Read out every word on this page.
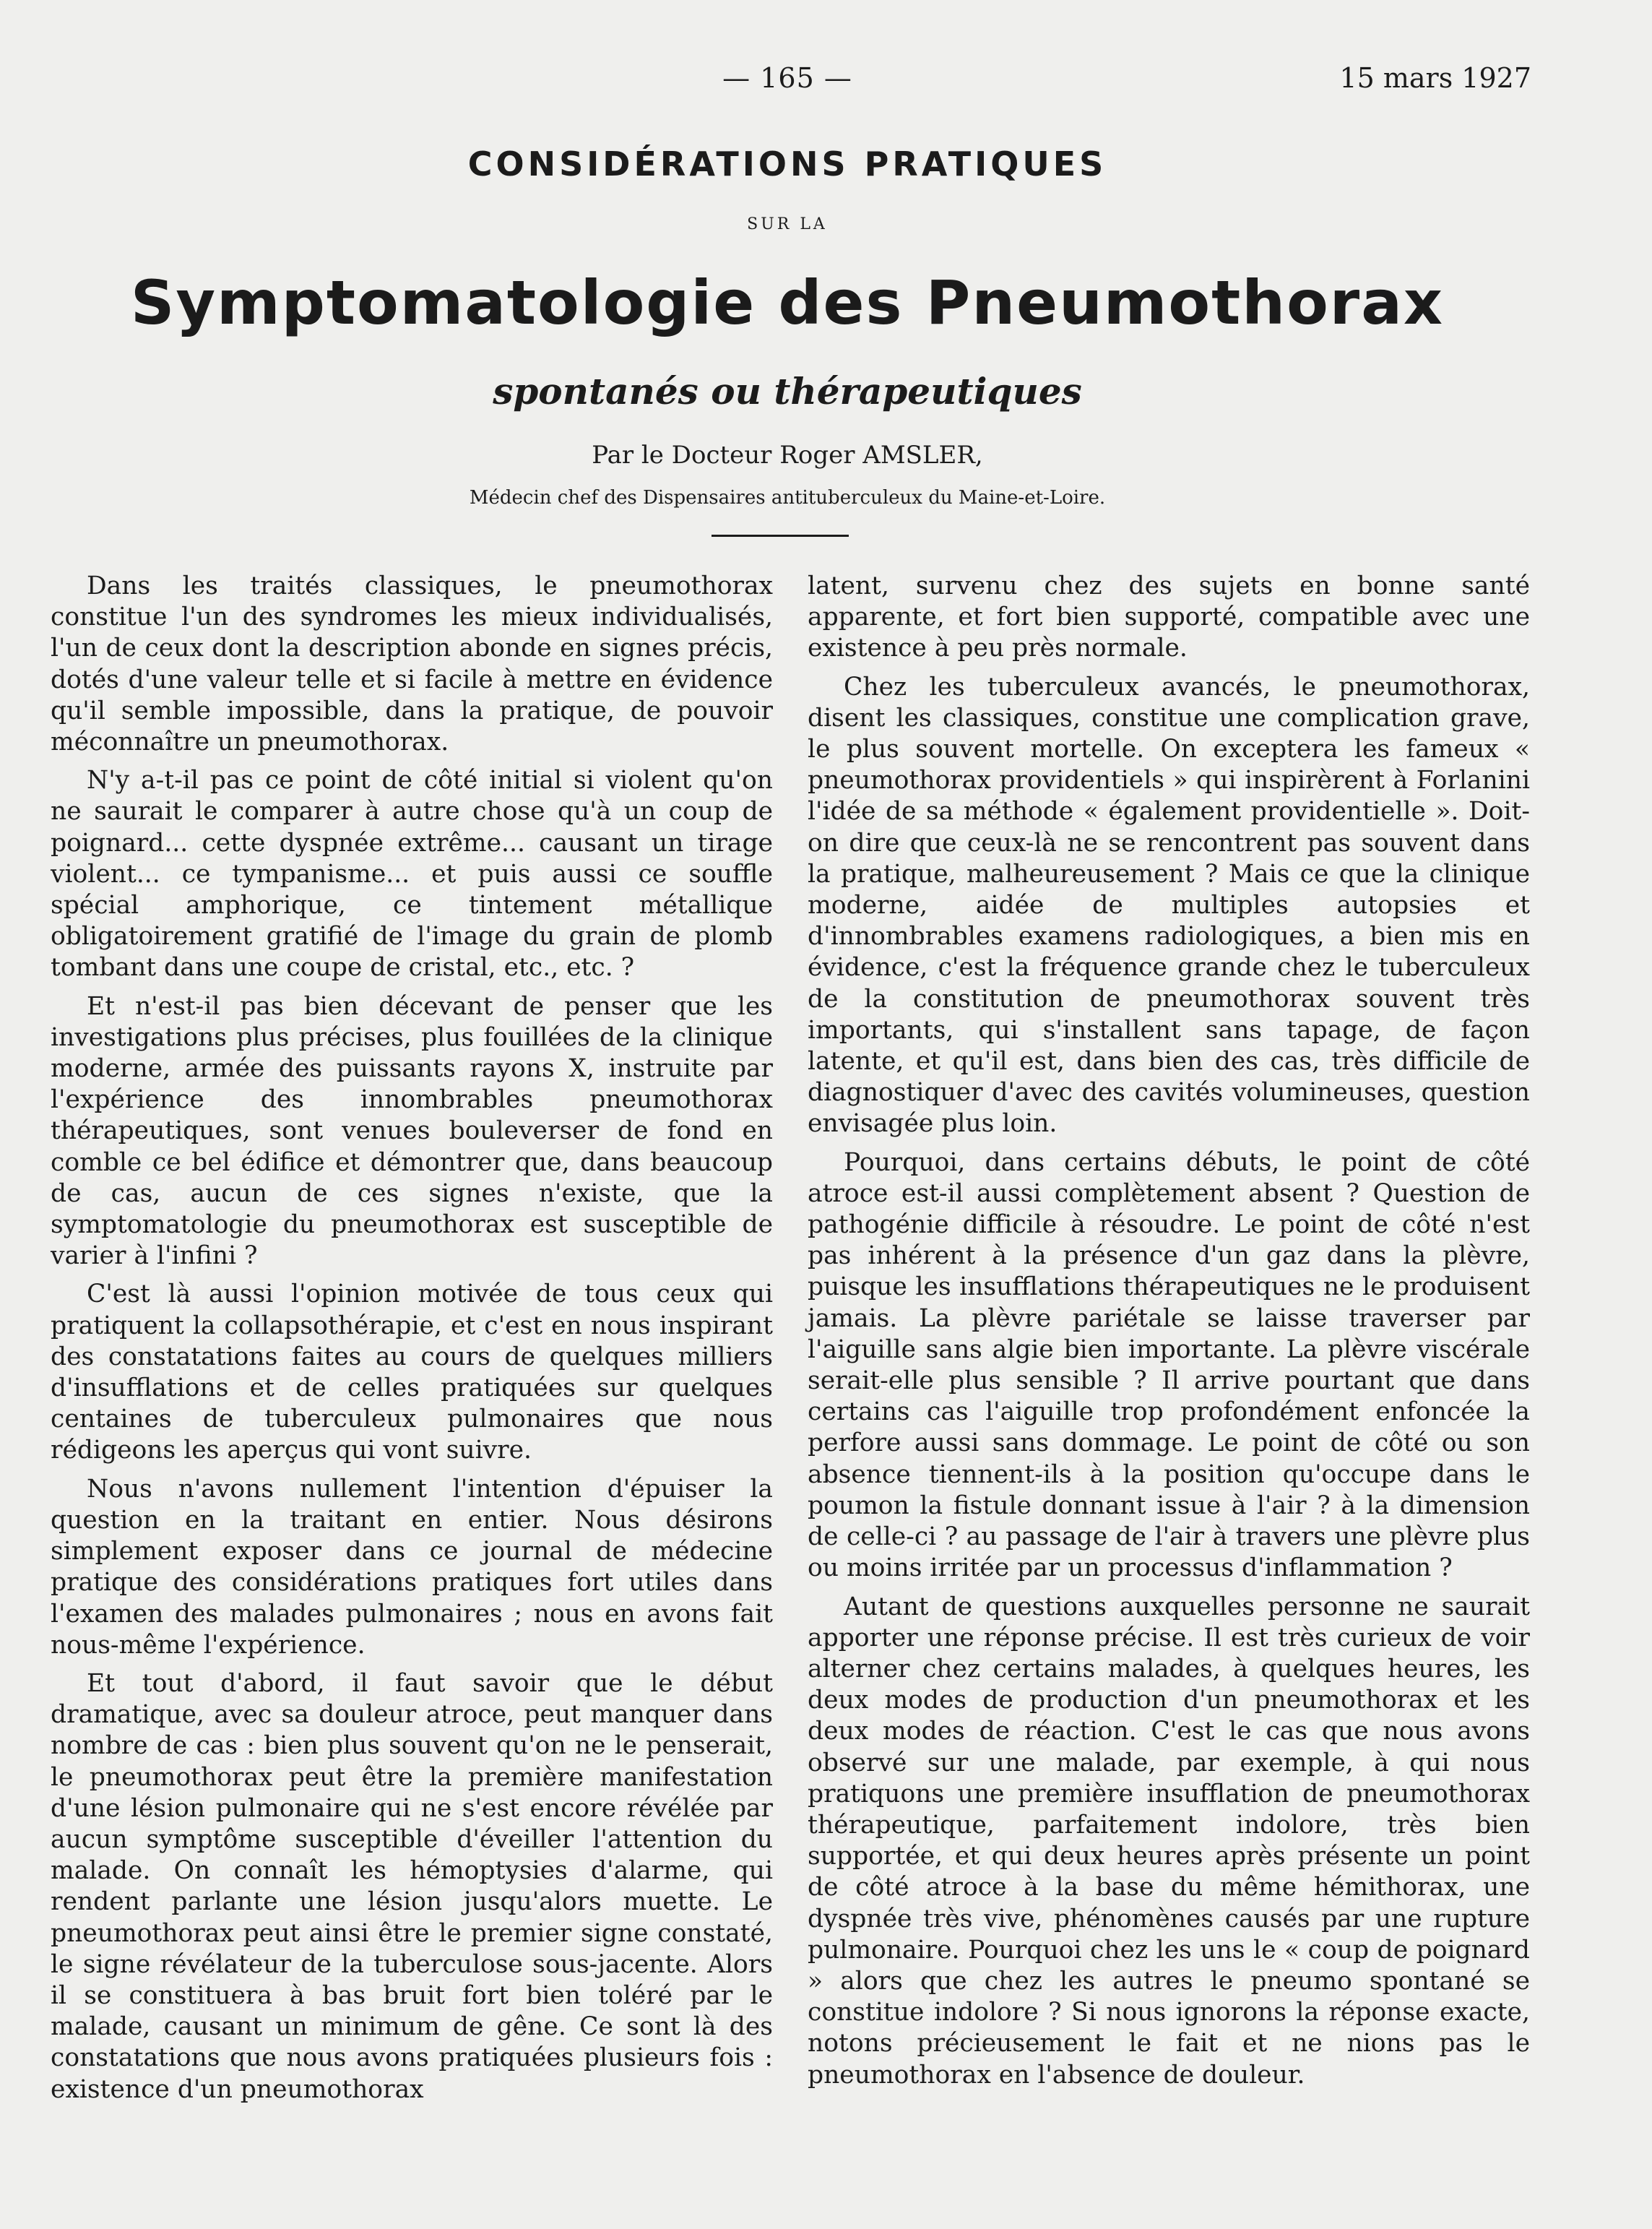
— 165 —	15 mars 1927
CONSIDÉRATIONS PRATIQUES
SUR LA
Symptomatologie des Pneumothorax
spontanés ou thérapeutiques
Par le Docteur Roger AMSLER,
Médecin chef des Dispensaires antituberculeux du Maine-et-Loire.

Dans les traités classiques, le pneumothorax constitue l'un des syndromes les mieux individualisés, l'un de ceux dont la description abonde en signes précis, dotés d'une valeur telle et si facile à mettre en évidence qu'il semble impossible, dans la pratique, de pouvoir méconnaître un pneumothorax.

N'y a-t-il pas ce point de côté initial si violent qu'on ne saurait le comparer à autre chose qu'à un coup de poignard... cette dyspnée extrême... causant un tirage violent... ce tympanisme... et puis aussi ce souffle spécial amphorique, ce tintement métallique obligatoirement gratifié de l'image du grain de plomb tombant dans une coupe de cristal, etc., etc. ?

Et n'est-il pas bien décevant de penser que les investigations plus précises, plus fouillées de la clinique moderne, armée des puissants rayons X, instruite par l'expérience des innombrables pneumothorax thérapeutiques, sont venues bouleverser de fond en comble ce bel édifice et démontrer que, dans beaucoup de cas, aucun de ces signes n'existe, que la symptomatologie du pneumothorax est susceptible de varier à l'infini ?

C'est là aussi l'opinion motivée de tous ceux qui pratiquent la collapsothérapie, et c'est en nous inspirant des constatations faites au cours de quelques milliers d'insufflations et de celles pratiquées sur quelques centaines de tuberculeux pulmonaires que nous rédigeons les aperçus qui vont suivre.

Nous n'avons nullement l'intention d'épuiser la question en la traitant en entier. Nous désirons simplement exposer dans ce journal de médecine pratique des considérations pratiques fort utiles dans l'examen des malades pulmonaires ; nous en avons fait nous-même l'expérience.

Et tout d'abord, il faut savoir que le début dramatique, avec sa douleur atroce, peut manquer dans nombre de cas : bien plus souvent qu'on ne le penserait, le pneumothorax peut être la première manifestation d'une lésion pulmonaire qui ne s'est encore révélée par aucun symptôme susceptible d'éveiller l'attention du malade. On connaît les hémoptysies d'alarme, qui rendent parlante une lésion jusqu'alors muette. Le pneumothorax peut ainsi être le premier signe constaté, le signe révélateur de la tuberculose sous-jacente. Alors il se constituera à bas bruit fort bien toléré par le malade, causant un minimum de gêne. Ce sont là des constatations que nous avons pratiquées plusieurs fois : existence d'un pneumothorax

latent, survenu chez des sujets en bonne santé apparente, et fort bien supporté, compatible avec une existence à peu près normale.

Chez les tuberculeux avancés, le pneumothorax, disent les classiques, constitue une complication grave, le plus souvent mortelle. On exceptera les fameux « pneumothorax providentiels » qui inspirèrent à Forlanini l'idée de sa méthode « également providentielle ». Doit-on dire que ceux-là ne se rencontrent pas souvent dans la pratique, malheureusement ? Mais ce que la clinique moderne, aidée de multiples autopsies et d'innombrables examens radiologiques, a bien mis en évidence, c'est la fréquence grande chez le tuberculeux de la constitution de pneumothorax souvent très importants, qui s'installent sans tapage, de façon latente, et qu'il est, dans bien des cas, très difficile de diagnostiquer d'avec des cavités volumineuses, question envisagée plus loin.

Pourquoi, dans certains débuts, le point de côté atroce est-il aussi complètement absent ? Question de pathogénie difficile à résoudre. Le point de côté n'est pas inhérent à la présence d'un gaz dans la plèvre, puisque les insufflations thérapeutiques ne le produisent jamais. La plèvre pariétale se laisse traverser par l'aiguille sans algie bien importante. La plèvre viscérale serait-elle plus sensible ? Il arrive pourtant que dans certains cas l'aiguille trop profondément enfoncée la perfore aussi sans dommage. Le point de côté ou son absence tiennent-ils à la position qu'occupe dans le poumon la fistule donnant issue à l'air ? à la dimension de celle-ci ? au passage de l'air à travers une plèvre plus ou moins irritée par un processus d'inflammation ?

Autant de questions auxquelles personne ne saurait apporter une réponse précise. Il est très curieux de voir alterner chez certains malades, à quelques heures, les deux modes de production d'un pneumothorax et les deux modes de réaction. C'est le cas que nous avons observé sur une malade, par exemple, à qui nous pratiquons une première insufflation de pneumothorax thérapeutique, parfaitement indolore, très bien supportée, et qui deux heures après présente un point de côté atroce à la base du même hémithorax, une dyspnée très vive, phénomènes causés par une rupture pulmonaire. Pourquoi chez les uns le « coup de poignard » alors que chez les autres le pneumo spontané se constitue indolore ? Si nous ignorons la réponse exacte, notons précieusement le fait et ne nions pas le pneumothorax en l'absence de douleur.
